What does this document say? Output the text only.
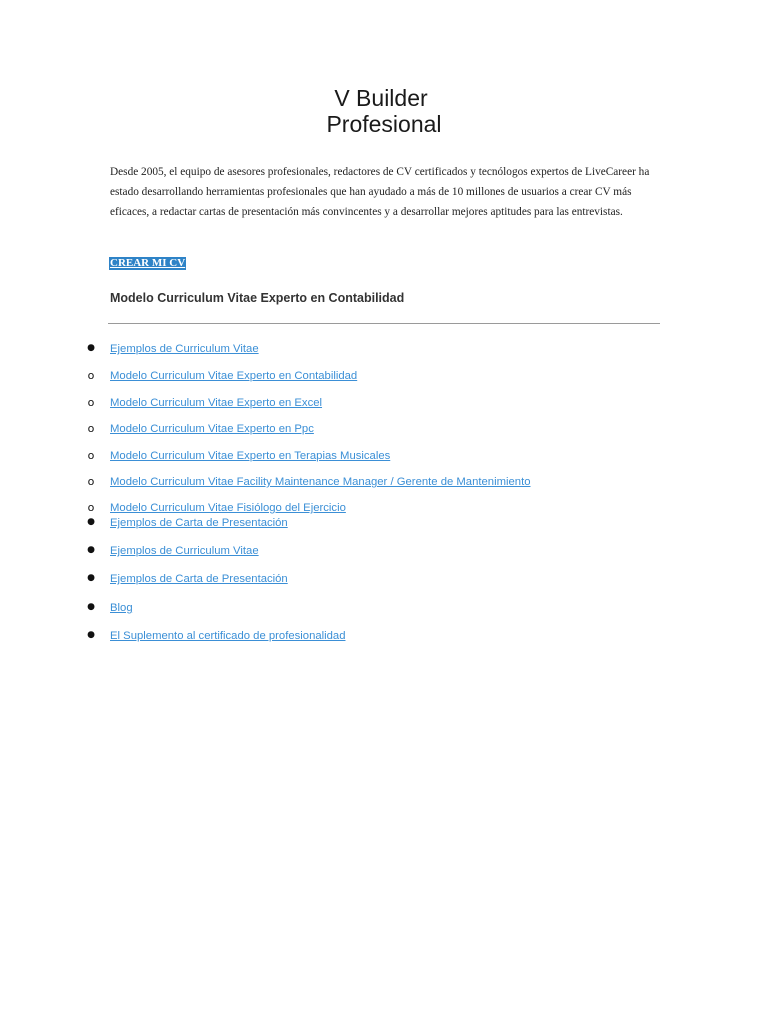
V Builder
Profesional

Desde 2005, el equipo de asesores profesionales, redactores de CV certificados y tecnólogos expertos de LiveCareer ha estado desarrollando herramientas profesionales que han ayudado a más de 10 millones de usuarios a crear CV más eficaces, a redactar cartas de presentación más convincentes y a desarrollar mejores aptitudes para las entrevistas.

CREAR MI CV
Modelo Curriculum Vitae Experto en Contabilidad
● Ejemplos de Curriculum Vitae
o	Modelo Curriculum Vitae Experto en Contabilidad
o	Modelo Curriculum Vitae Experto en Excel
o	Modelo Curriculum Vitae Experto en Ppc
o	Modelo Curriculum Vitae Experto en Terapias Musicales
o	Modelo Curriculum Vitae Facility Maintenance Manager / Gerente de Mantenimiento
o	Modelo Curriculum Vitae Fisiólogo del Ejercicio
● Ejemplos de Carta de Presentación
● Ejemplos de Curriculum Vitae
● Ejemplos de Carta de Presentación
● Blog
● El Suplemento al certificado de profesionalidad
